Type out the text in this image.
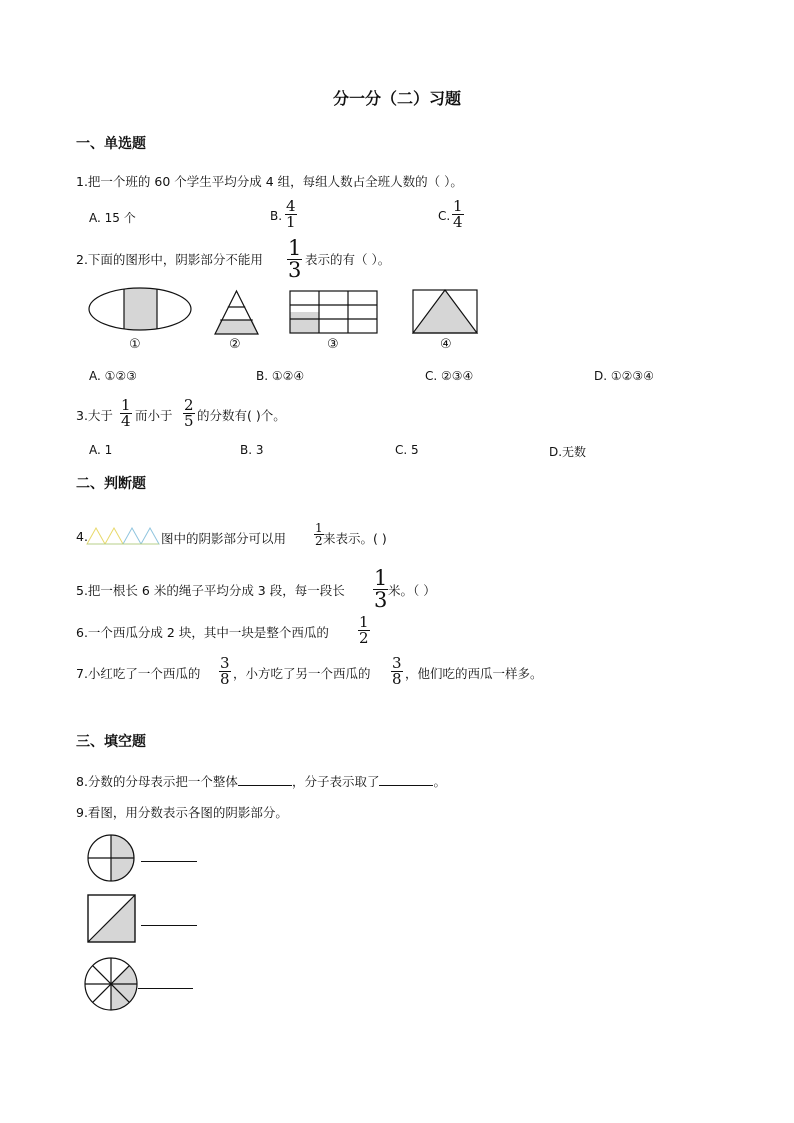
分一分（二）习题
一、单选题
1.把一个班的 60 个学生平均分成 4 组，每组人数占全班人数的（ ）。
A. 15 个	B.
4
1	C.
1
4
2.下面的图形中，阴影部分不能用 1
3 表示的有（ ）。
①	②	③	④
A. ①②③	B. ①②④	C. ②③④	D. ①②③④
3.大于
1
4 而小于
2
5 的分数有( )个。
A. 1	B. 3	C. 5	D.无数
二、判断题
4.	图中的阴影部分可以用
1
2 来表示。( )
5.把一根长 6 米的绳子平均分成 3 段，每一段长
1
3 米。（ ）
6.一个西瓜分成 2 块，其中一块是整个西瓜的
1
2
7.小红吃了一个西瓜的
3
8 ，小方吃了另一个西瓜的
3
8 ，他们吃的西瓜一样多。
三、填空题
8.分数的分母表示把一个整体	，分子表示取了	。
9.看图，用分数表示各图的阴影部分。
